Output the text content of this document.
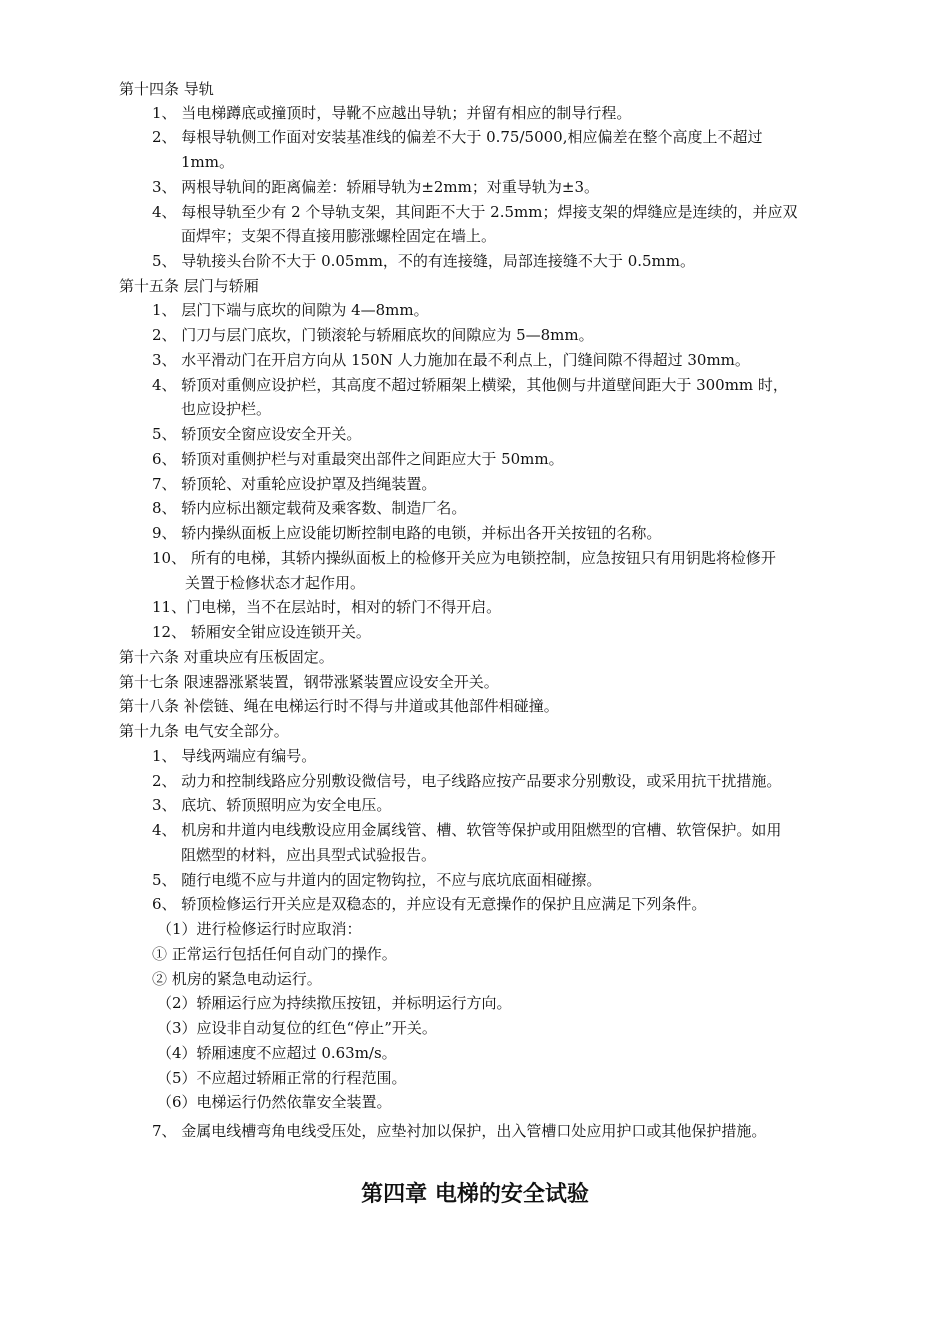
第十四条 导轨
1、 当电梯蹲底或撞顶时，导靴不应越出导轨；并留有相应的制导行程。
2、 每根导轨侧工作面对安装基准线的偏差不大于 0.75/5000,相应偏差在整个高度上不超过
1mm。
3、 两根导轨间的距离偏差：轿厢导轨为±2mm；对重导轨为±3。
4、 每根导轨至少有 2 个导轨支架，其间距不大于 2.5mm；焊接支架的焊缝应是连续的，并应双
面焊牢；支架不得直接用膨涨螺栓固定在墙上。
5、 导轨接头台阶不大于 0.05mm，不的有连接缝，局部连接缝不大于 0.5mm。
第十五条 层门与轿厢
1、 层门下端与底坎的间隙为 4—8mm。
2、 门刀与层门底坎，门锁滚轮与轿厢底坎的间隙应为 5—8mm。
3、 水平滑动门在开启方向从 150N 人力施加在最不利点上，门缝间隙不得超过 30mm。
4、 轿顶对重侧应设护栏，其高度不超过轿厢架上横梁，其他侧与井道壁间距大于 300mm 时，
也应设护栏。
5、 轿顶安全窗应设安全开关。
6、 轿顶对重侧护栏与对重最突出部件之间距应大于 50mm。
7、 轿顶轮、对重轮应设护罩及挡绳装置。
8、 轿内应标出额定载荷及乘客数、制造厂名。
9、 轿内操纵面板上应设能切断控制电路的电锁，并标出各开关按钮的名称。
10、 所有的电梯，其轿内操纵面板上的检修开关应为电锁控制，应急按钮只有用钥匙将检修开
关置于检修状态才起作用。
11、门电梯，当不在层站时，相对的轿门不得开启。
12、 轿厢安全钳应设连锁开关。
第十六条 对重块应有压板固定。
第十七条 限速器涨紧装置，钢带涨紧装置应设安全开关。
第十八条 补偿链、绳在电梯运行时不得与井道或其他部件相碰撞。
第十九条 电气安全部分。
1、 导线两端应有编号。
2、 动力和控制线路应分别敷设微信号，电子线路应按产品要求分别敷设，或采用抗干扰措施。
3、 底坑、轿顶照明应为安全电压。
4、 机房和井道内电线敷设应用金属线管、槽、软管等保护或用阻燃型的官槽、软管保护。如用
阻燃型的材料，应出具型式试验报告。
5、 随行电缆不应与井道内的固定物钩拉，不应与底坑底面相碰擦。
6、 轿顶检修运行开关应是双稳态的，并应设有无意操作的保护且应满足下列条件。
（1）进行检修运行时应取消：
① 正常运行包括任何自动门的操作。
② 机房的紧急电动运行。
（2）轿厢运行应为持续揿压按钮，并标明运行方向。
（3）应设非自动复位的红色“停止”开关。
（4）轿厢速度不应超过 0.63m/s。
（5）不应超过轿厢正常的行程范围。
（6）电梯运行仍然依靠安全装置。
7、 金属电线槽弯角电线受压处，应垫衬加以保护，出入管槽口处应用护口或其他保护措施。
第四章 电梯的安全试验
